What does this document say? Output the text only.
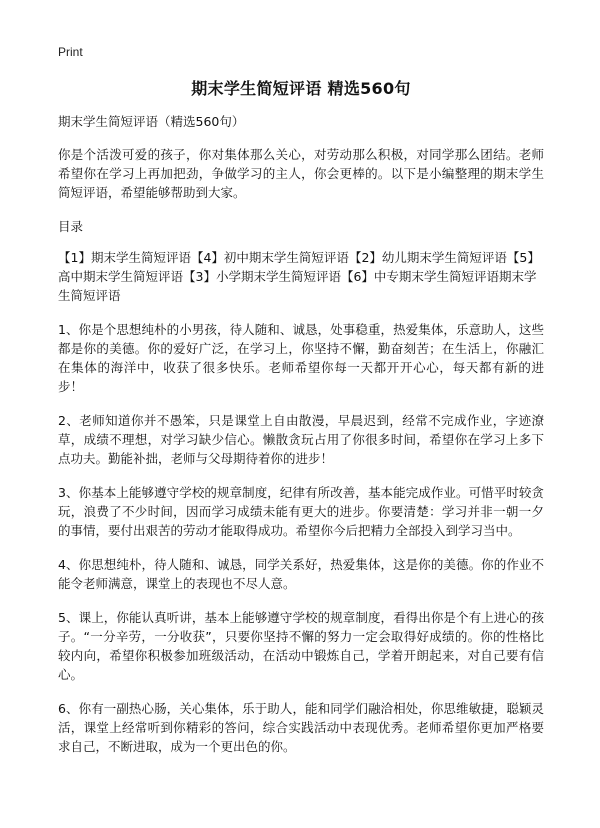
Print
期末学生简短评语 精选560句

期末学生简短评语（精选560句）

你是个活泼可爱的孩子，你对集体那么关心，对劳动那么积极，对同学那么团结。老师希望你在学习上再加把劲，争做学习的主人，你会更棒的。以下是小编整理的期末学生简短评语，希望能够帮助到大家。

目录

【1】期末学生简短评语【4】初中期末学生简短评语【2】幼儿期末学生简短评语【5】高中期末学生简短评语【3】小学期末学生简短评语【6】中专期末学生简短评语期末学生简短评语

1、你是个思想纯朴的小男孩，待人随和、诚恳，处事稳重，热爱集体，乐意助人，这些都是你的美德。你的爱好广泛，在学习上，你坚持不懈，勤奋刻苦；在生活上，你融汇在集体的海洋中，收获了很多快乐。老师希望你每一天都开开心心，每天都有新的进步！

2、老师知道你并不愚笨，只是课堂上自由散漫，早晨迟到，经常不完成作业，字迹潦草，成绩不理想，对学习缺少信心。懒散贪玩占用了你很多时间，希望你在学习上多下点功夫。勤能补拙，老师与父母期待着你的进步！

3、你基本上能够遵守学校的规章制度，纪律有所改善，基本能完成作业。可惜平时较贪玩，浪费了不少时间，因而学习成绩未能有更大的进步。你要清楚：学习并非一朝一夕的事情，要付出艰苦的劳动才能取得成功。希望你今后把精力全部投入到学习当中。

4、你思想纯朴，待人随和、诚恳，同学关系好，热爱集体，这是你的美德。你的作业不能令老师满意，课堂上的表现也不尽人意。

5、课上，你能认真听讲，基本上能够遵守学校的规章制度，看得出你是个有上进心的孩子。“一分辛劳，一分收获”，只要你坚持不懈的努力一定会取得好成绩的。你的性格比较内向，希望你积极参加班级活动，在活动中锻炼自己，学着开朗起来，对自己要有信心。

6、你有一副热心肠，关心集体，乐于助人，能和同学们融洽相处，你思维敏捷，聪颖灵活，课堂上经常听到你精彩的答问，综合实践活动中表现优秀。老师希望你更加严格要求自己，不断进取，成为一个更出色的你。
